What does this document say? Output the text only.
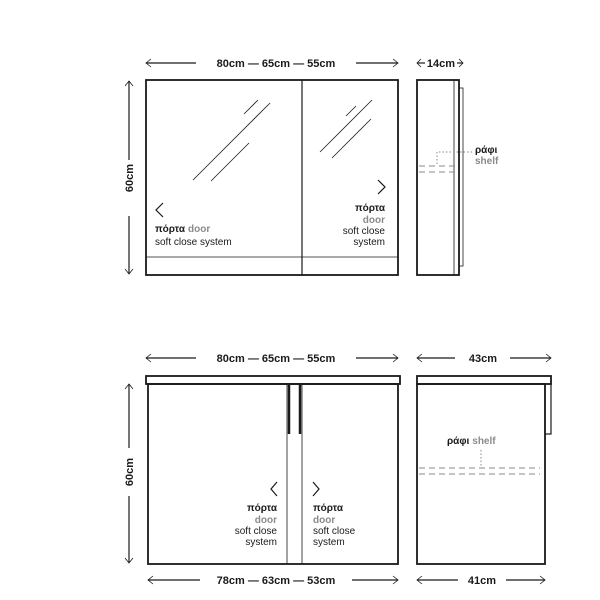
80cm — 65cm — 55cm
60cm
πόρτα door
soft close system
πόρτα
door
soft close
system
14cm
ράφι
shelf
80cm — 65cm — 55cm
60cm
πόρτα
door
soft close
system
πόρτα
door
soft close
system
78cm — 63cm — 53cm
43cm
ράφι shelf
41cm
